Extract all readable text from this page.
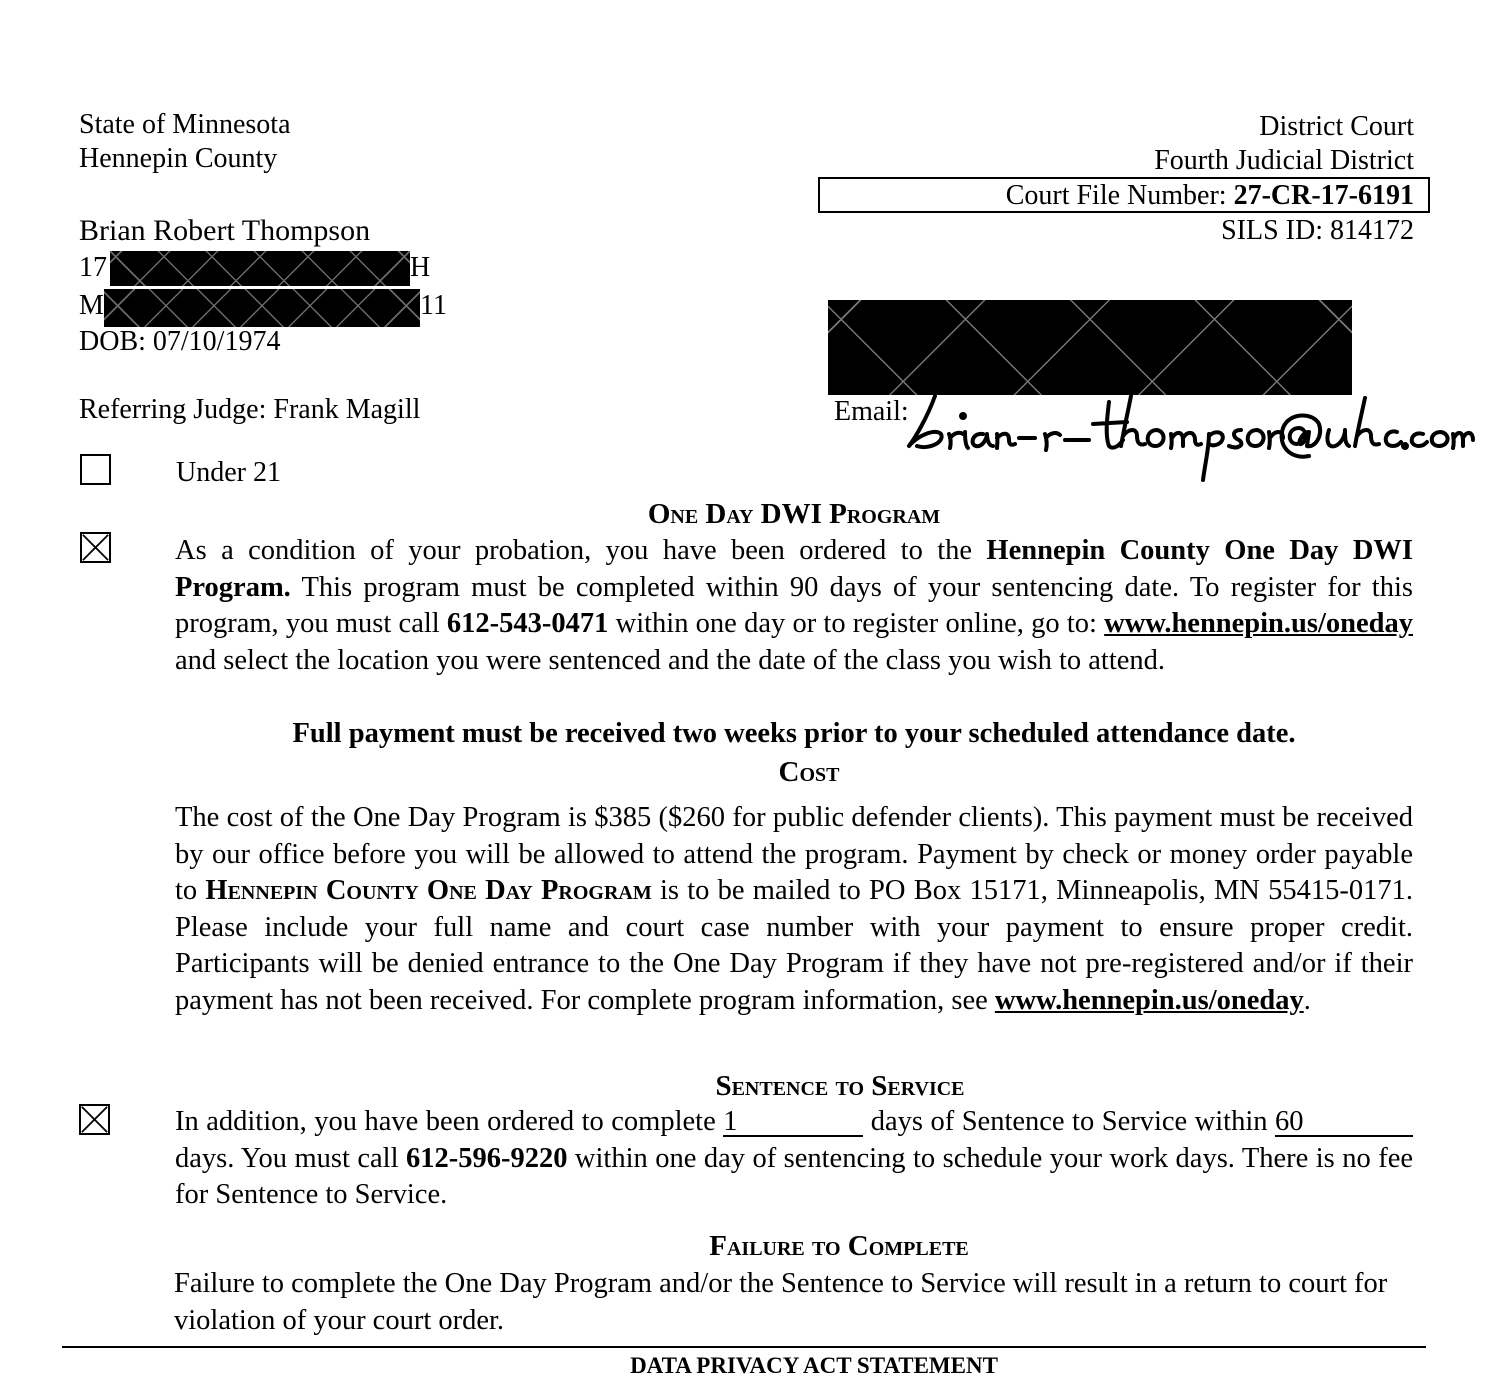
State of Minnesota
Hennepin County
District Court
Fourth Judicial District
Court File Number: 27-CR-17-6191
SILS ID: 814172
Brian Robert Thompson
17	H
M	11
DOB: 07/10/1974
Referring Judge: Frank Magill	Email:
Under 21
One Day DWI Program
As a condition of your probation, you have been ordered to the Hennepin County One Day DWI Program. This program must be completed within 90 days of your sentencing date. To register for this program, you must call 612-543-0471 within one day or to register online, go to: www.hennepin.us/oneday and select the location you were sentenced and the date of the class you wish to attend.
Full payment must be received two weeks prior to your scheduled attendance date.
Cost
The cost of the One Day Program is $385 ($260 for public defender clients). This payment must be received by our office before you will be allowed to attend the program. Payment by check or money order payable to Hennepin County One Day Program is to be mailed to PO Box 15171, Minneapolis, MN 55415-0171. Please include your full name and court case number with your payment to ensure proper credit. Participants will be denied entrance to the One Day Program if they have not pre-registered and/or if their payment has not been received. For complete program information, see www.hennepin.us/oneday.
Sentence to Service
In addition, you have been ordered to complete 1	days of Sentence to Service within 60 days. You must call 612-596-9220 within one day of sentencing to schedule your work days. There is no fee for Sentence to Service.
Failure to Complete
Failure to complete the One Day Program and/or the Sentence to Service will result in a return to court for violation of your court order.
DATA PRIVACY ACT STATEMENT
